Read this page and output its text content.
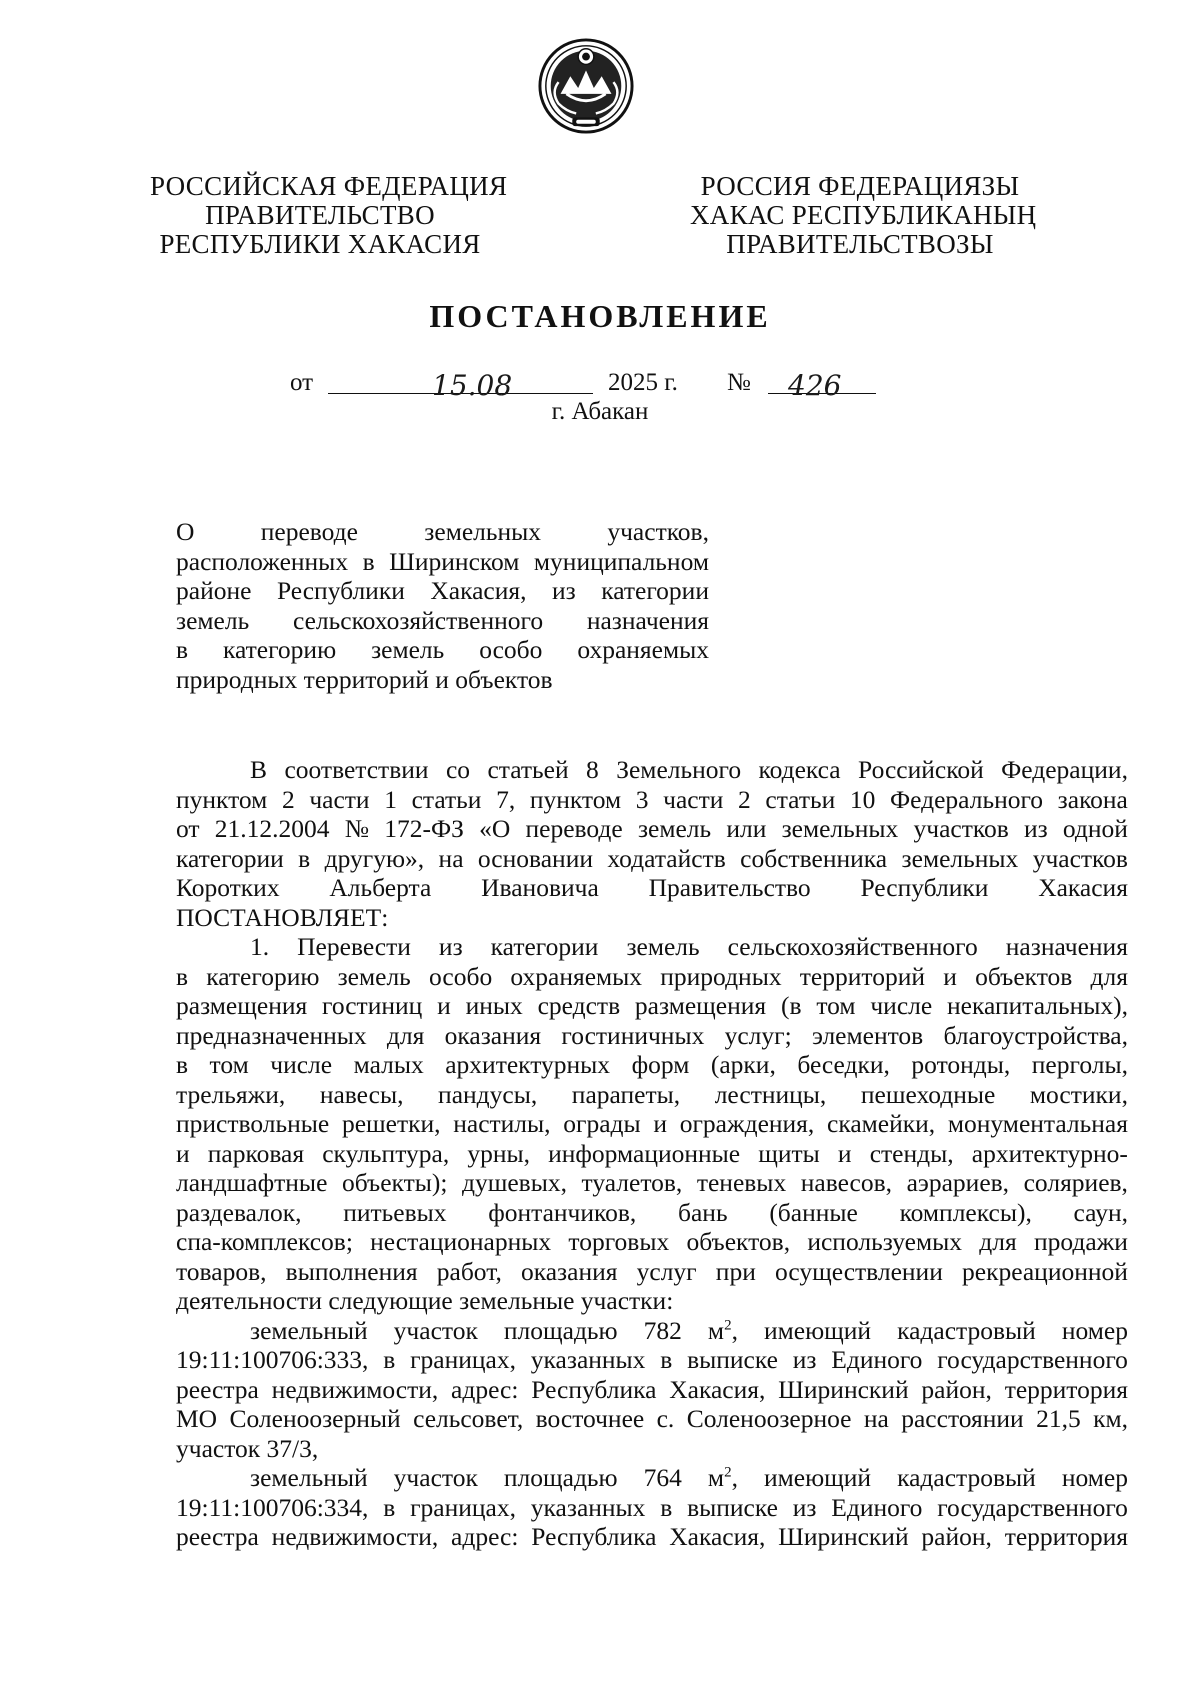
РОССИЙСКАЯ ФЕДЕРАЦИЯ
ПРАВИТЕЛЬСТВО
РЕСПУБЛИКИ ХАКАСИЯ
РОССИЯ ФЕДЕРАЦИЯЗЫ
ХАКАС РЕСПУБЛИКАНЫҢ
ПРАВИТЕЛЬСТВОЗЫ
ПОСТАНОВЛЕНИЕ
от	15.08	2025 г. № 426
г. Абакан
О	переводе	земельных	участков,
расположенных в Ширинском муниципальном
районе Республики Хакасия, из категории
земель сельскохозяйственного назначения
в категорию земель особо охраняемых
природных территорий и объектов
В соответствии со статьей 8 Земельного кодекса Российской Федерации,
пунктом 2 части 1 статьи 7, пунктом 3 части 2 статьи 10 Федерального закона
от 21.12.2004 № 172-ФЗ «О переводе земель или земельных участков из одной
категории в другую», на основании ходатайств собственника земельных участков
Коротких Альберта Ивановича Правительство Республики Хакасия
ПОСТАНОВЛЯЕТ:
1. Перевести из категории земель сельскохозяйственного назначения
в категорию земель особо охраняемых природных территорий и объектов для
размещения гостиниц и иных средств размещения (в том числе некапитальных),
предназначенных для оказания гостиничных услуг; элементов благоустройства,
в том числе малых архитектурных форм (арки, беседки, ротонды, перголы,
трельяжи, навесы, пандусы, парапеты, лестницы, пешеходные мостики,
приствольные решетки, настилы, ограды и ограждения, скамейки, монументальная
и парковая скульптура, урны, информационные щиты и стенды, архитектурно-
ландшафтные объекты); душевых, туалетов, теневых навесов, аэрариев, соляриев,
раздевалок, питьевых фонтанчиков, бань (банные комплексы), саун,
спа-комплексов; нестационарных торговых объектов, используемых для продажи
товаров, выполнения работ, оказания услуг при осуществлении рекреационной
деятельности следующие земельные участки:
земельный участок площадью 782 $м^2$, имеющий кадастровый номер
19:11:100706:333, в границах, указанных в выписке из Единого государственного
реестра недвижимости, адрес: Республика Хакасия, Ширинский район, территория
МО Соленоозерный сельсовет, восточнее с. Соленоозерное на расстоянии 21,5 км,
участок 37/3,
земельный участок площадью 764 $м^2$, имеющий кадастровый номер
19:11:100706:334, в границах, указанных в выписке из Единого государственного
реестра недвижимости, адрес: Республика Хакасия, Ширинский район, территория
